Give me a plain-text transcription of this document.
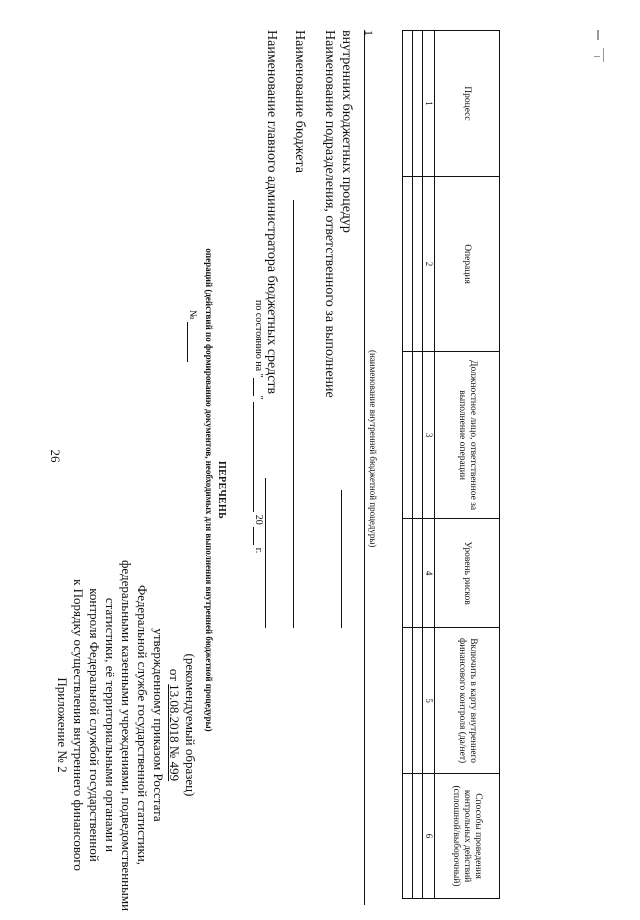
26
Приложение № 2 к Порядку осуществления внутреннего финансового контроля Федеральной службой государственной статистики, её территориальными органами и федеральными казенными учреждениями, подведомственными Федеральной службе государственной статистики, утвержденному приказом Росстата от 13.08.2018 № 499 (рекомендуемый образец)
ПЕРЕЧЕНЬ
операций (действий по формированию документов, необходимых для выполнения внутренней бюджетной процедуры)
№	по состоянию на ""  20  г.
Наименование главного администратора бюджетных средств Наименование бюджета Наименование подразделения, ответственного за выполнение внутренних бюджетных процедур 1
(наименование внутренней бюджетной процедуры)
Процесс	Операция	Должностное лицо, ответственное за выполнение операции	Уровень рисков	Включить в карту внутреннего финансового контроля (да/нет)	Способы проведения контрольных действий (сплошной/выборочный)
1	2	3	4	5	6
